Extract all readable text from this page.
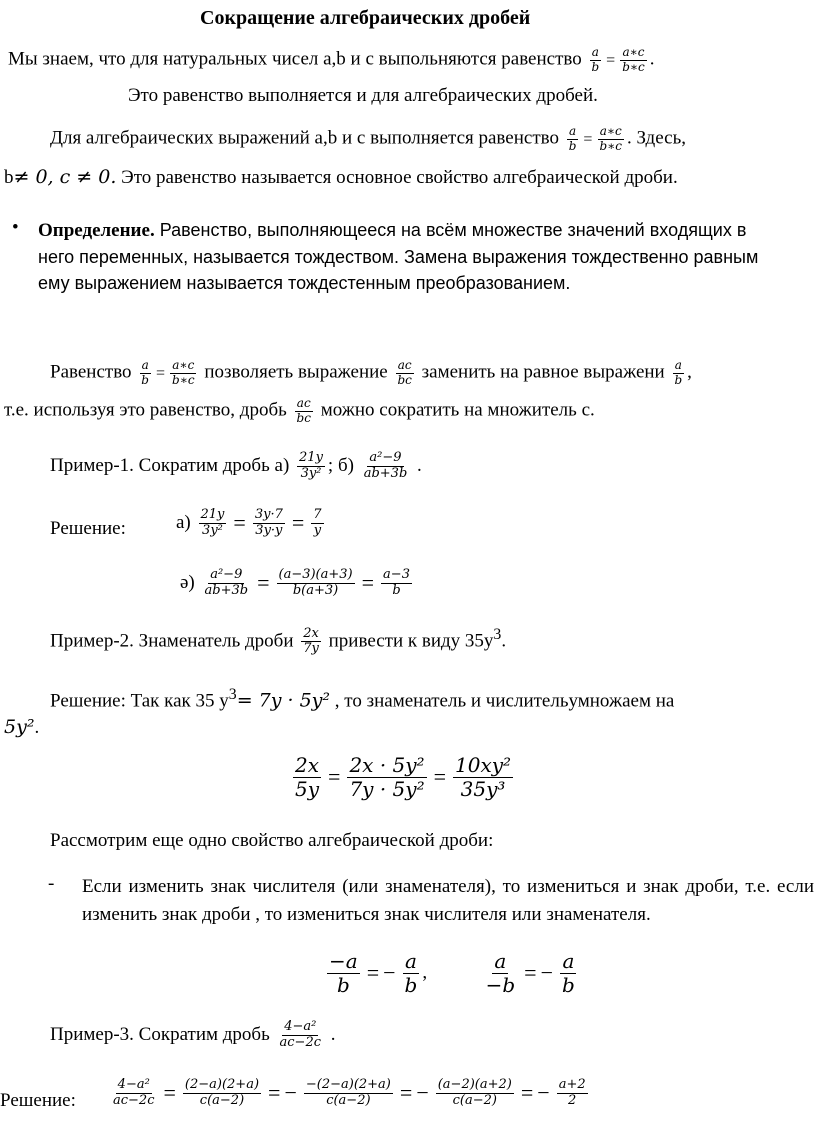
Сокращение алгебраических дробей
Мы знаем, что для натуральных чисел a,b и с выпольняются равенство $\frac{a}{b} = \frac{a∗c}{b∗c}$ .
Это равенство выполняется и для алгебраических дробей.
Для алгебраических выражений a,b и с выполняется равенство $\frac{a}{b} = \frac{a∗c}{b∗c}$ . Здесь,
b≠ 0, c ≠ 0. Это равенство называется основное свойство алгебраической дроби.
•	Определение. Равенство, выполняющееся на всём множестве значений входящих в него переменных, называется тождеством. Замена выражения тождественно равным ему выражением называется тождестенным преобразованием.
Равенство $\frac{a}{b} = \frac{a∗c}{b∗c}$ позволяеть выражение $\frac{ac}{bc}$ заменить на равное выражени $\frac{a}{b}$ ,
т.е. используя это равенство, дробь $\frac{ac}{bc}$ можно сократить на множитель с.
Пример-1. Сократим дробь $а) \frac{21y}{\text{3y²}}$ ; $б) \frac{\text{a²−9}}{ab+3b}$ .
Решение:	$а) \frac{21y}{\text{3y²}} = \frac{3y\cdot 7}{3y\cdot y} = \frac{7}{y}$
$ә) \frac{\text{a²−9}}{ab+3b} = \frac{(a-3)(a+3)}{b(a+3)} = \frac{a-3}{b}$
Пример-2. Знаменатель дроби $\frac{2x}{7y}$ привести к виду $35y^3$.
Решение: Так как 35 $y^3= 7y \cdot 5y^2$ , то знаменатель и числительумножаем на
5y².
$\frac{2x}{5y} = \frac{\text{2x · 5y²}}{\text{7y · 5y²}} = \frac{\text{10xy²}}{\text{35y³}}$
Рассмотрим еще одно свойство алгебраической дроби:
-	Если изменить знак числителя (или знаменателя), то измениться и знак дроби, т.е. если изменить знак дроби , то измениться знак числителя или знаменателя.
$\frac{-a}{b}$ = − $\frac{a}{b}$ ,	$\frac{a}{-b}$ = − $\frac{a}{b}$
Пример-3. Сократим дробь $\frac{\text{4−a²}}{ac-2c}$ .
Решение:	$\frac{\text{4−a²}}{ac-2c} = \frac{(2-a)(2+a)}{c(a-2)}$ = − $\frac{-(2-a)(2+a)}{c(a-2)}$ = − $\frac{(a-2)(a+2)}{c(a-2)}$ = − $\frac{a+2}{2}$
